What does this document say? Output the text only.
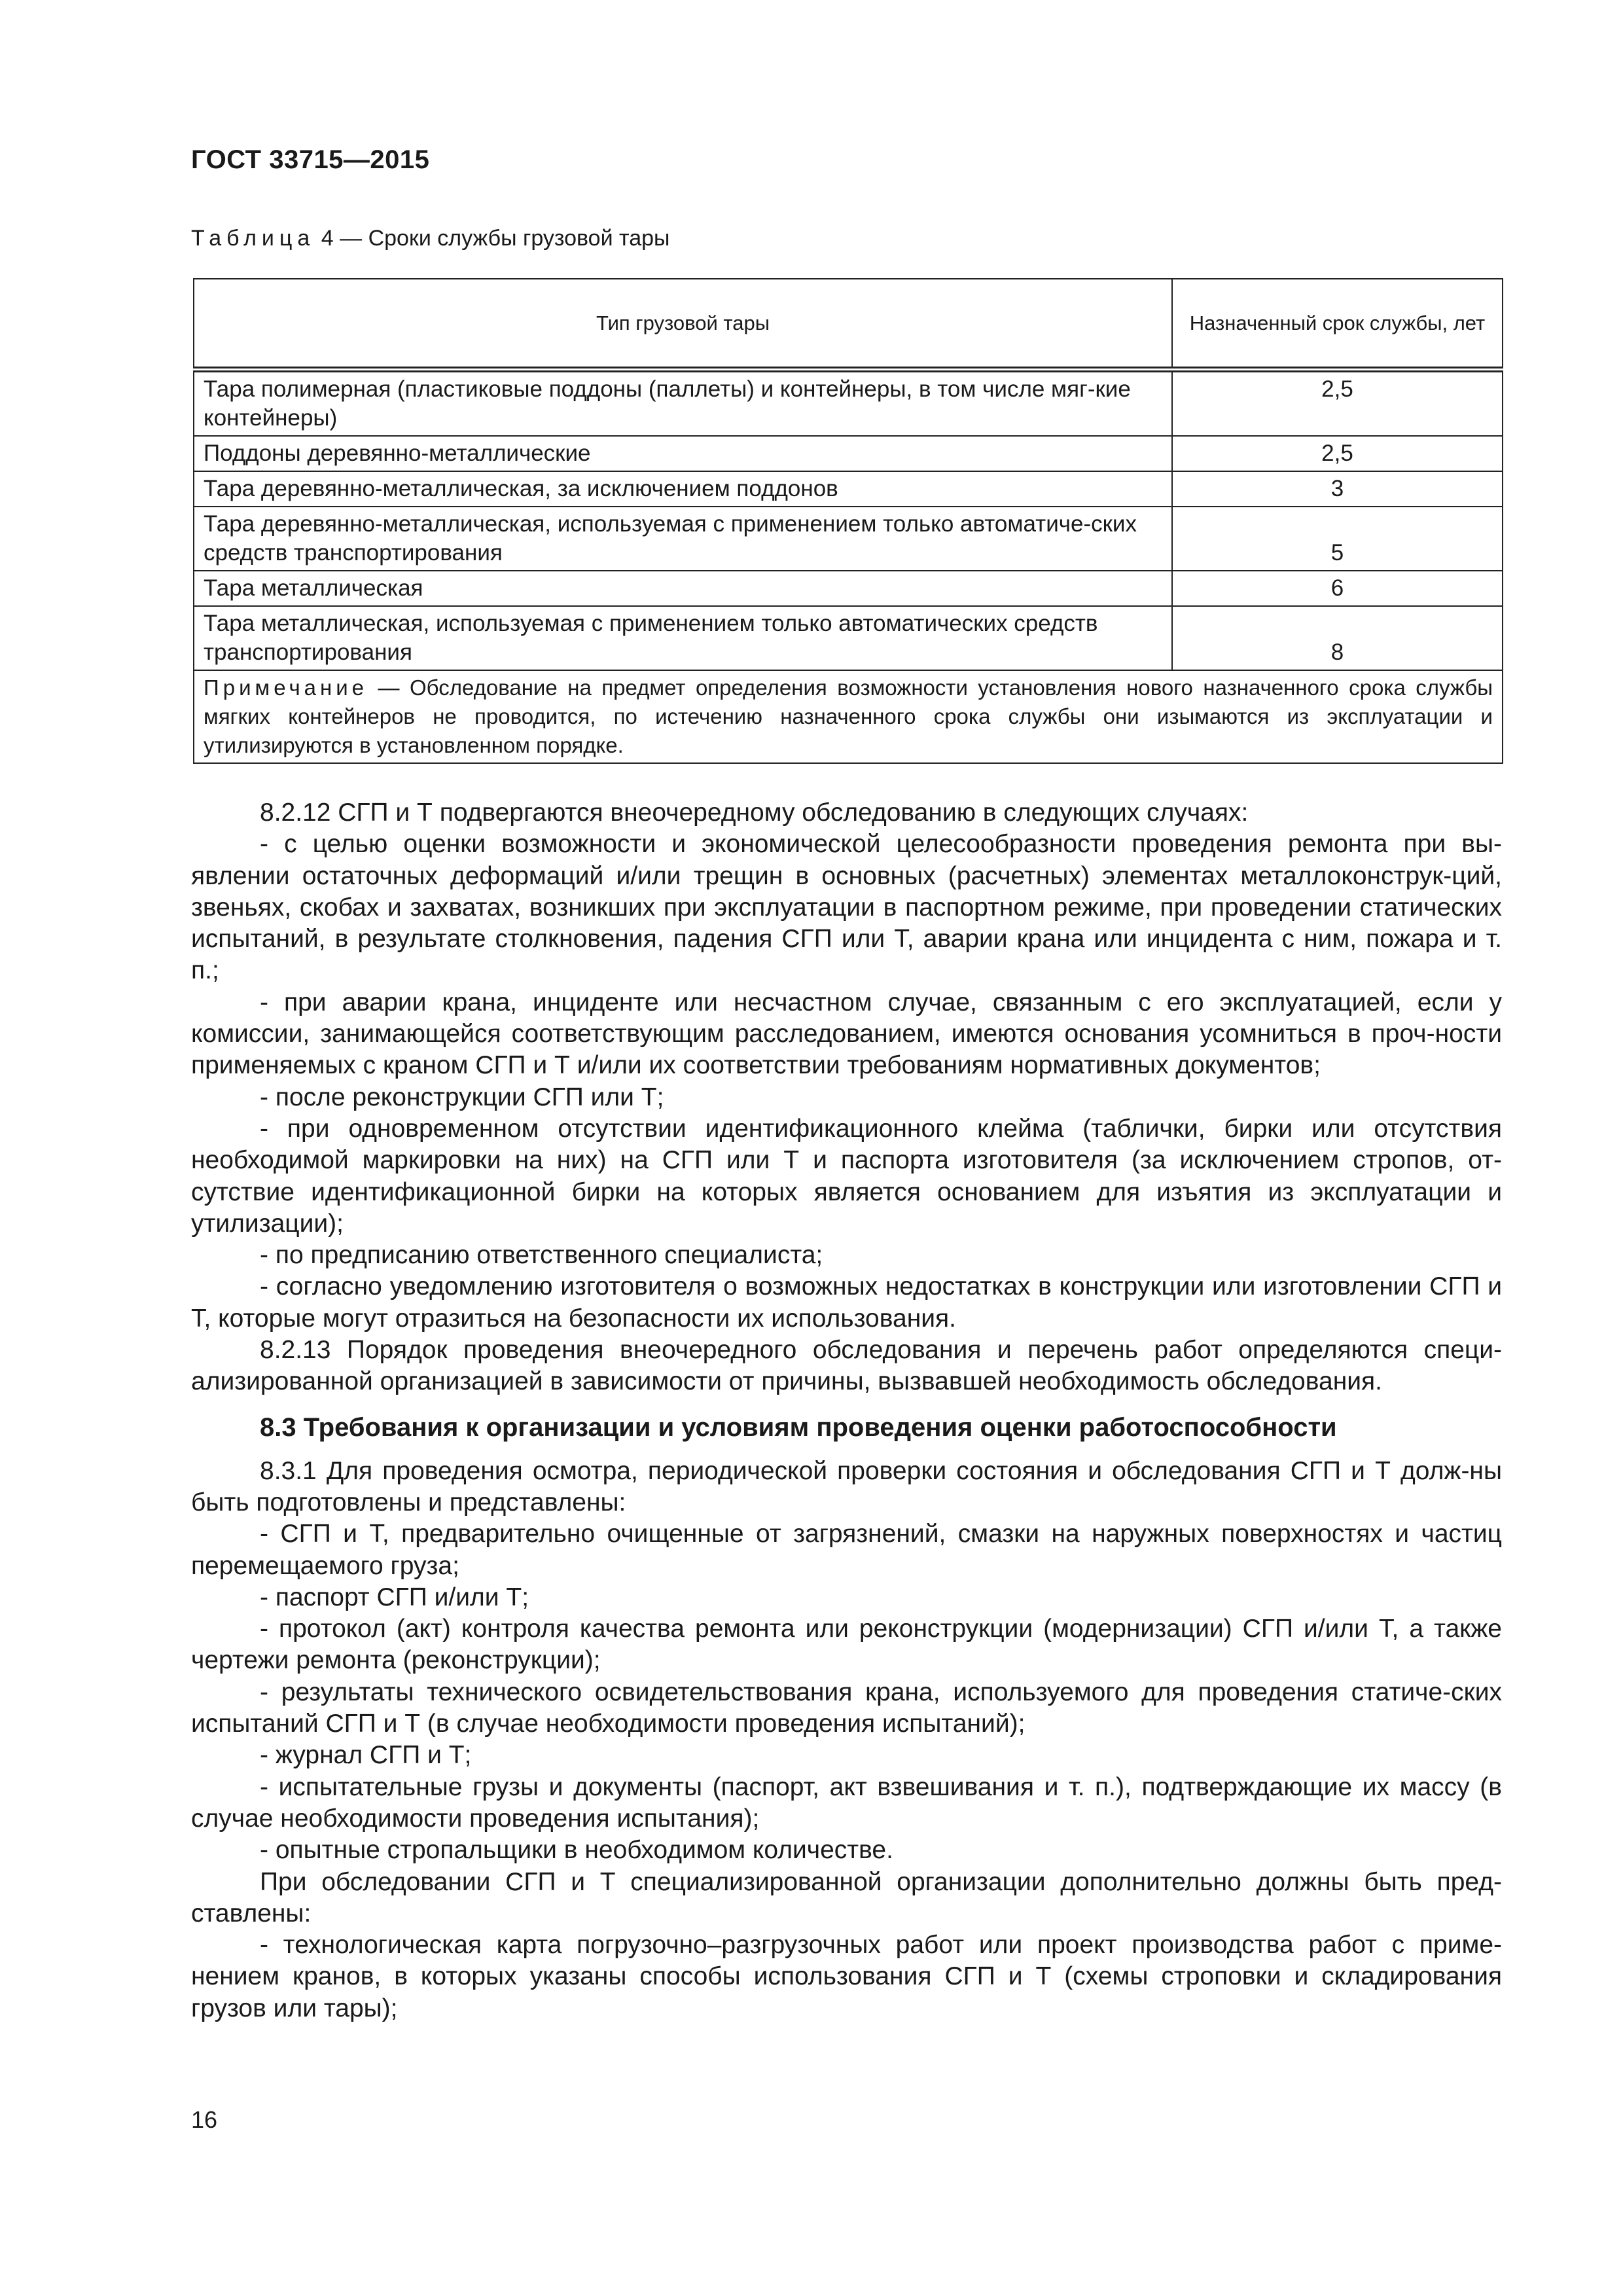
ГОСТ 33715—2015
Таблица 4 — Сроки службы грузовой тары
Тип грузовой тары	Назначенный срок службы, лет
Тара полимерная (пластиковые поддоны (паллеты) и контейнеры, в том числе мяг-кие контейнеры)	2,5
Поддоны деревянно-металлические	2,5
Тара деревянно-металлическая, за исключением поддонов	3
Тара деревянно-металлическая, используемая с применением только автоматиче-ских средств транспортирования	5
Тара металлическая	6
Тара металлическая, используемая с применением только автоматических средств транспортирования	8
Примечание — Обследование на предмет определения возможности установления нового назначенного срока службы мягких контейнеров не проводится, по истечению назначенного срока службы они изымаются из эксплуатации и утилизируются в установленном порядке.	

8.2.12 СГП и Т подвергаются внеочередному обследованию в следующих случаях:

- с целью оценки возможности и экономической целесообразности проведения ремонта при вы-явлении остаточных деформаций и/или трещин в основных (расчетных) элементах металлоконструк-ций, звеньях, скобах и захватах, возникших при эксплуатации в паспортном режиме, при проведении статических испытаний, в результате столкновения, падения СГП или Т, аварии крана или инцидента с ним, пожара и т. п.;

- при аварии крана, инциденте или несчастном случае, связанным с его эксплуатацией, если у комиссии, занимающейся соответствующим расследованием, имеются основания усомниться в проч-ности применяемых с краном СГП и Т и/или их соответствии требованиям нормативных документов;

- после реконструкции СГП или Т;

- при одновременном отсутствии идентификационного клейма (таблички, бирки или отсутствия необходимой маркировки на них) на СГП или Т и паспорта изготовителя (за исключением стропов, от-сутствие идентификационной бирки на которых является основанием для изъятия из эксплуатации и утилизации);

- по предписанию ответственного специалиста;

- согласно уведомлению изготовителя о возможных недостатках в конструкции или изготовлении СГП и Т, которые могут отразиться на безопасности их использования.

8.2.13 Порядок проведения внеочередного обследования и перечень работ определяются специ-ализированной организацией в зависимости от причины, вызвавшей необходимость обследования.

8.3 Требования к организации и условиям проведения оценки работоспособности

8.3.1 Для проведения осмотра, периодической проверки состояния и обследования СГП и Т долж-ны быть подготовлены и представлены:

- СГП и Т, предварительно очищенные от загрязнений, смазки на наружных поверхностях и частиц перемещаемого груза;

- паспорт СГП и/или Т;

- протокол (акт) контроля качества ремонта или реконструкции (модернизации) СГП и/или Т, а также чертежи ремонта (реконструкции);

- результаты технического освидетельствования крана, используемого для проведения статиче-ских испытаний СГП и Т (в случае необходимости проведения испытаний);

- журнал СГП и Т;

- испытательные грузы и документы (паспорт, акт взвешивания и т. п.), подтверждающие их массу (в случае необходимости проведения испытания);

- опытные стропальщики в необходимом количестве.

При обследовании СГП и Т специализированной организации дополнительно должны быть пред-ставлены:

- технологическая карта погрузочно–разгрузочных работ или проект производства работ с приме-нением кранов, в которых указаны способы использования СГП и Т (схемы строповки и складирования грузов или тары);

16
